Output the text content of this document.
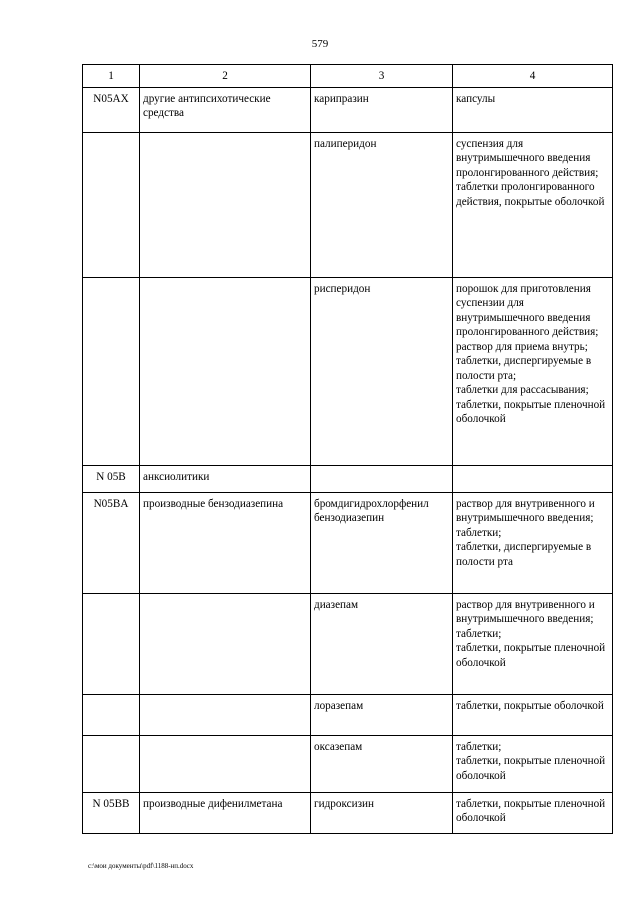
579
1	2	3	4
N05AX	другие антипсихотические средства	карипразин	капсулы
		палиперидон	суспензия для внутримышечного введения пролонгированного действия;
таблетки пролонгированного действия, покрытые оболочкой
		рисперидон	порошок для приготовления суспензии для внутримышечного введения пролонгированного действия;
раствор для приема внутрь;
таблетки, диспергируемые в полости рта;
таблетки для рассасывания;
таблетки, покрытые пленочной оболочкой
N 05B	анксиолитики		
N05BA	производные бензодиазепина	бромдигидрохлорфенил бензодиазепин	раствор для внутривенного и внутримышечного введения;
таблетки;
таблетки, диспергируемые в полости рта
		диазепам	раствор для внутривенного и внутримышечного введения;
таблетки;
таблетки, покрытые пленочной оболочкой
		лоразепам	таблетки, покрытые оболочкой
		оксазепам	таблетки;
таблетки, покрытые пленочной оболочкой
N 05BB	производные дифенилметана	гидроксизин	таблетки, покрытые пленочной оболочкой
c:\мои документы\pdf\1188-нп.docx
